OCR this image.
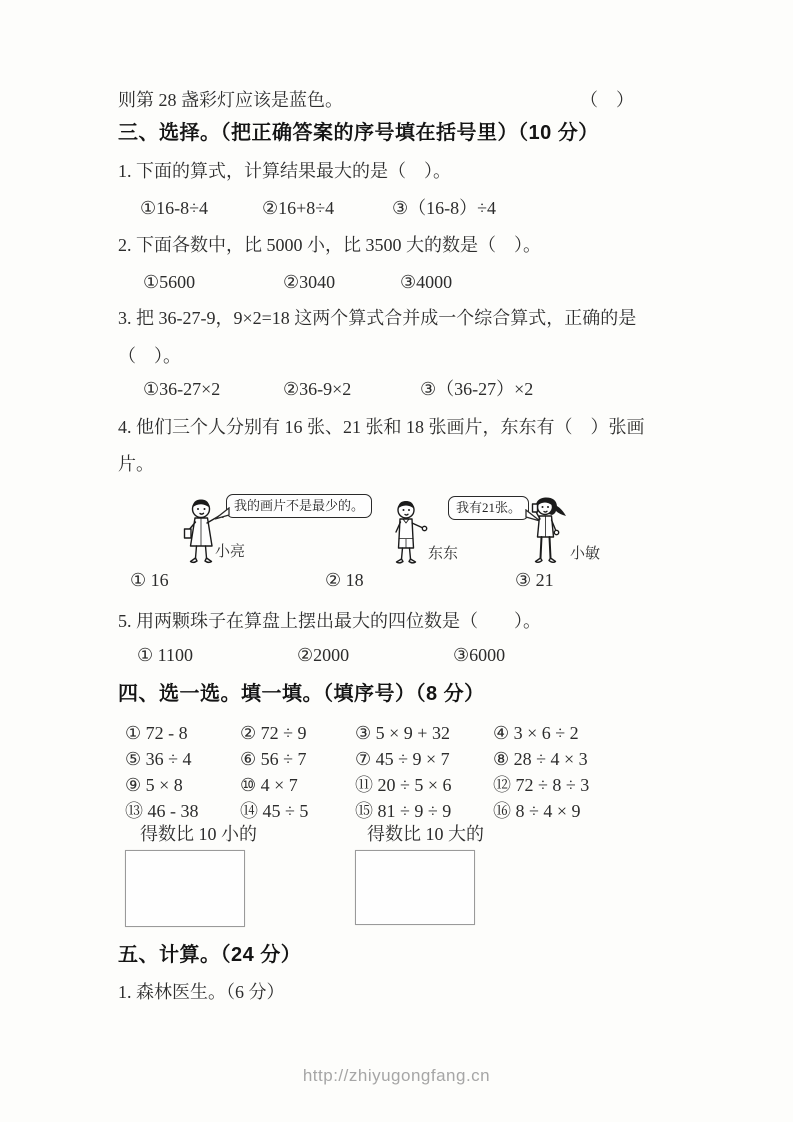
则第 28 盏彩灯应该是蓝色。	（　）
三、选择。（把正确答案的序号填在括号里）（10 分）
1. 下面的算式，计算结果最大的是（　）。
①16-8÷4	②16+8÷4	③（16-8）÷4
2. 下面各数中，比 5000 小，比 3500 大的数是（　）。
①5600	②3040	③4000
3. 把 36-27-9，9×2=18 这两个算式合并成一个综合算式，正确的是
（　）。
①36-27×2	②36-9×2	③（36-27）×2
4. 他们三个人分别有 16 张、21 张和 18 张画片，东东有（　）张画
片。
我的画片不是最少的。
小亮	东东
我有21张。
小敏
① 16	② 18	③ 21
5. 用两颗珠子在算盘上摆出最大的四位数是（　　）。
① 1100	②2000	③6000
四、选一选。填一填。（填序号）（8 分）
① 72 - 8	② 72 ÷ 9	③ 5 × 9 + 32 ④ 3 × 6 ÷ 2
⑤ 36 ÷ 4	⑥ 56 ÷ 7	⑦ 45 ÷ 9 × 7 ⑧ 28 ÷ 4 × 3
⑨ 5 × 8	⑩ 4 × 7	⑪ 20 ÷ 5 × 6 ⑫ 72 ÷ 8 ÷ 3
⑬ 46 - 38 ⑭ 45 ÷ 5	⑮ 81 ÷ 9 ÷ 9 ⑯ 8 ÷ 4 × 9
得数比 10 小的	得数比 10 大的
五、计算。（24 分）
1. 森林医生。（6 分）
http://zhiyugongfang.cn
